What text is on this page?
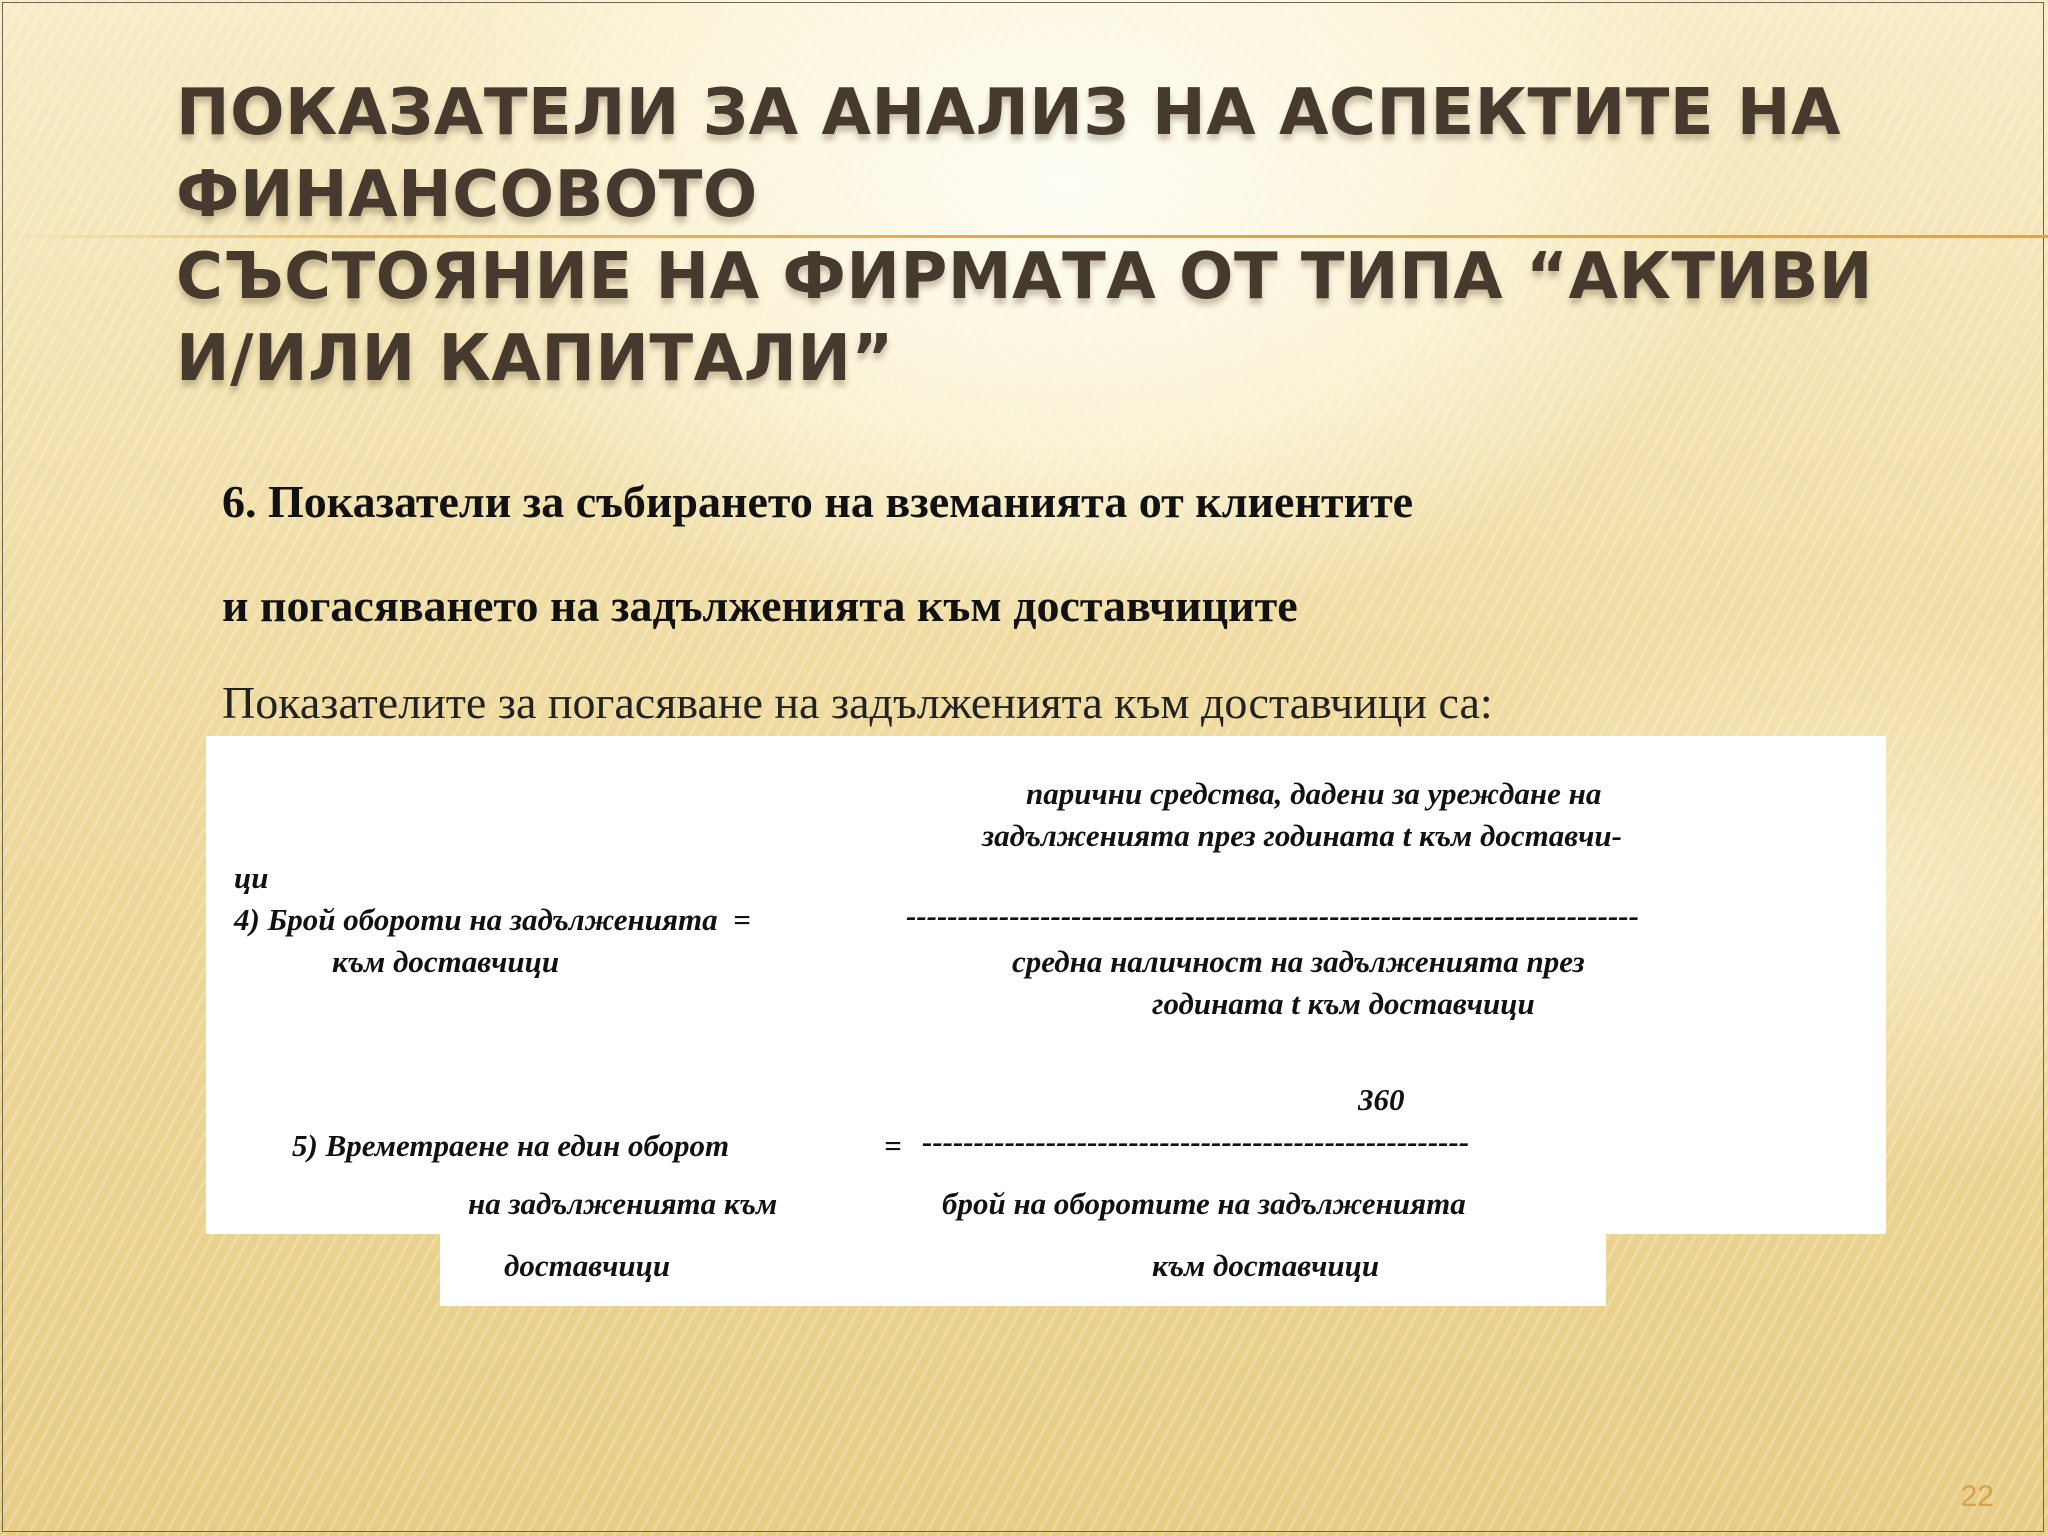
ПОКАЗАТЕЛИ ЗА АНАЛИЗ НА АСПЕКТИТЕ НА ФИНАНСОВОТО
СЪСТОЯНИЕ НА ФИРМАТА ОТ ТИПА “АКТИВИ И/ИЛИ КАПИТАЛИ”
6. Показатели за събирането на вземанията от клиентите
и погасяването на задълженията към доставчиците
Показателите за погасяване на задълженията към доставчици са:
парични средства, дадени за уреждане на
задълженията през годината t към доставчи-
ци
4) Брой обороти на задълженията  =	-----------------------------------------------------------------------
към доставчици	средна наличност на задълженията през
годината t към доставчици
360
5) Времетраене на един оборот	= -----------------------------------------------------
на задълженията към	брой на оборотите на задълженията
доставчици	към доставчици
22
